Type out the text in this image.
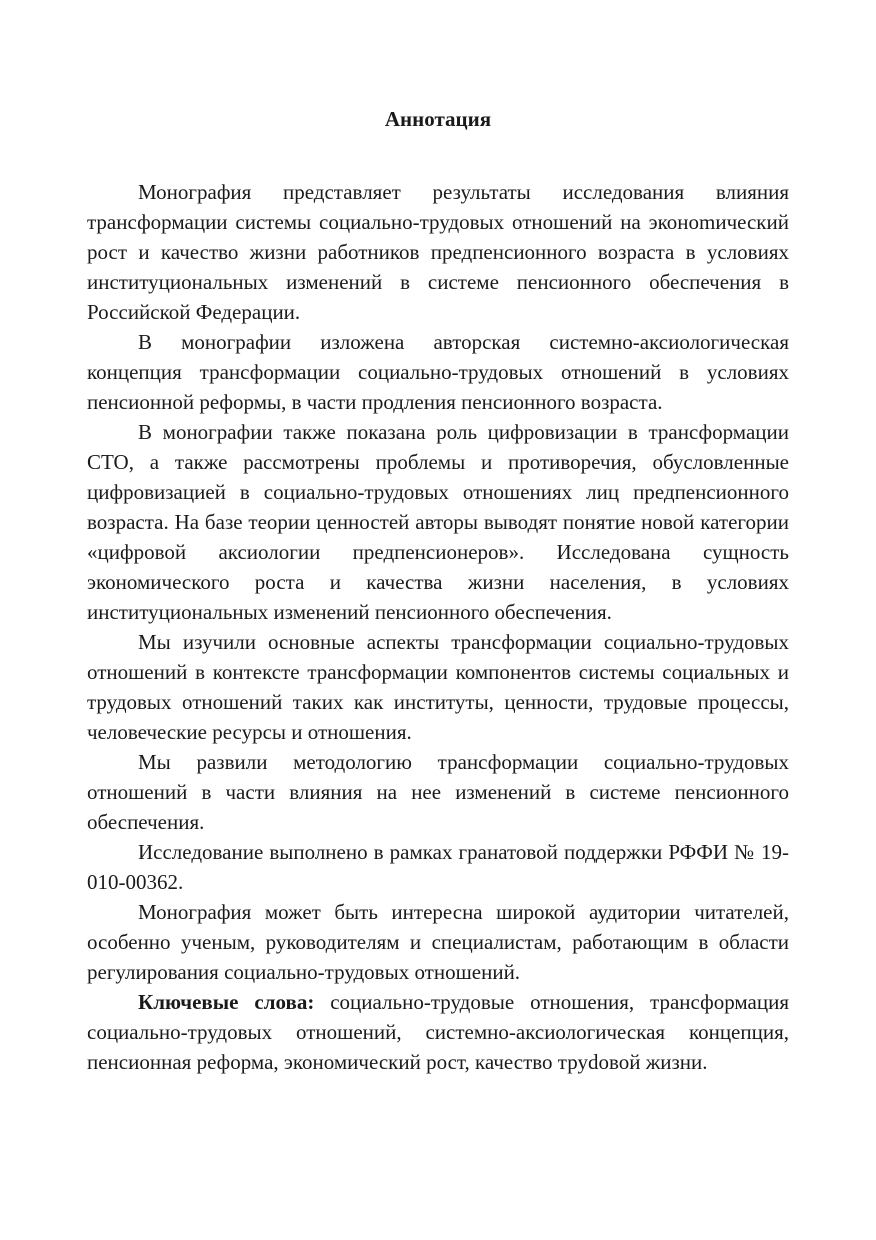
Аннотация

Монография представляет результаты исследования влияния трансформации системы социально-трудовых отношений на эконоmический рост и качество жизни работников предпенсионного возраста в условиях институциональных изменений в системе пенсионного обеспечения в Российской Федерации.

В монографии изложена авторская системно-аксиологическая концепция трансформации социально-трудовых отношений в условиях пенсионной реформы, в части продления пенсионного возраста.

В монографии также показана роль цифровизации в трансформации СТО, а также рассмотрены проблемы и противоречия, обусловленные цифровизацией в социально-трудовых отношениях лиц предпенсионного возраста. На базе теории ценностей авторы выводят понятие новой категории «цифровой аксиологии предпенсионеров». Исследована сущность экономического роста и качества жизни населения, в условиях институциональных изменений пенсионного обеспечения.

Мы изучили основные аспекты трансформации социально-трудовых отношений в контексте трансформации компонентов системы социальных и трудовых отношений таких как институты, ценности, трудовые процессы, человеческие ресурсы и отношения.

Мы развили методологию трансформации социально-трудовых отношений в части влияния на нее изменений в системе пенсионного обеспечения.

Исследование выполнено в рамках гранатовой поддержки РФФИ № 19-010-00362.

Монография может быть интересна широкой аудитории читателей, особенно ученым, руководителям и специалистам, работающим в области регулирования социально-трудовых отношений.

Ключевые слова: социально-трудовые отношения, трансформация социально-трудовых отношений, системно-аксиологическая концепция, пенсионная реформа, экономический рост, качество труdовой жизни.
